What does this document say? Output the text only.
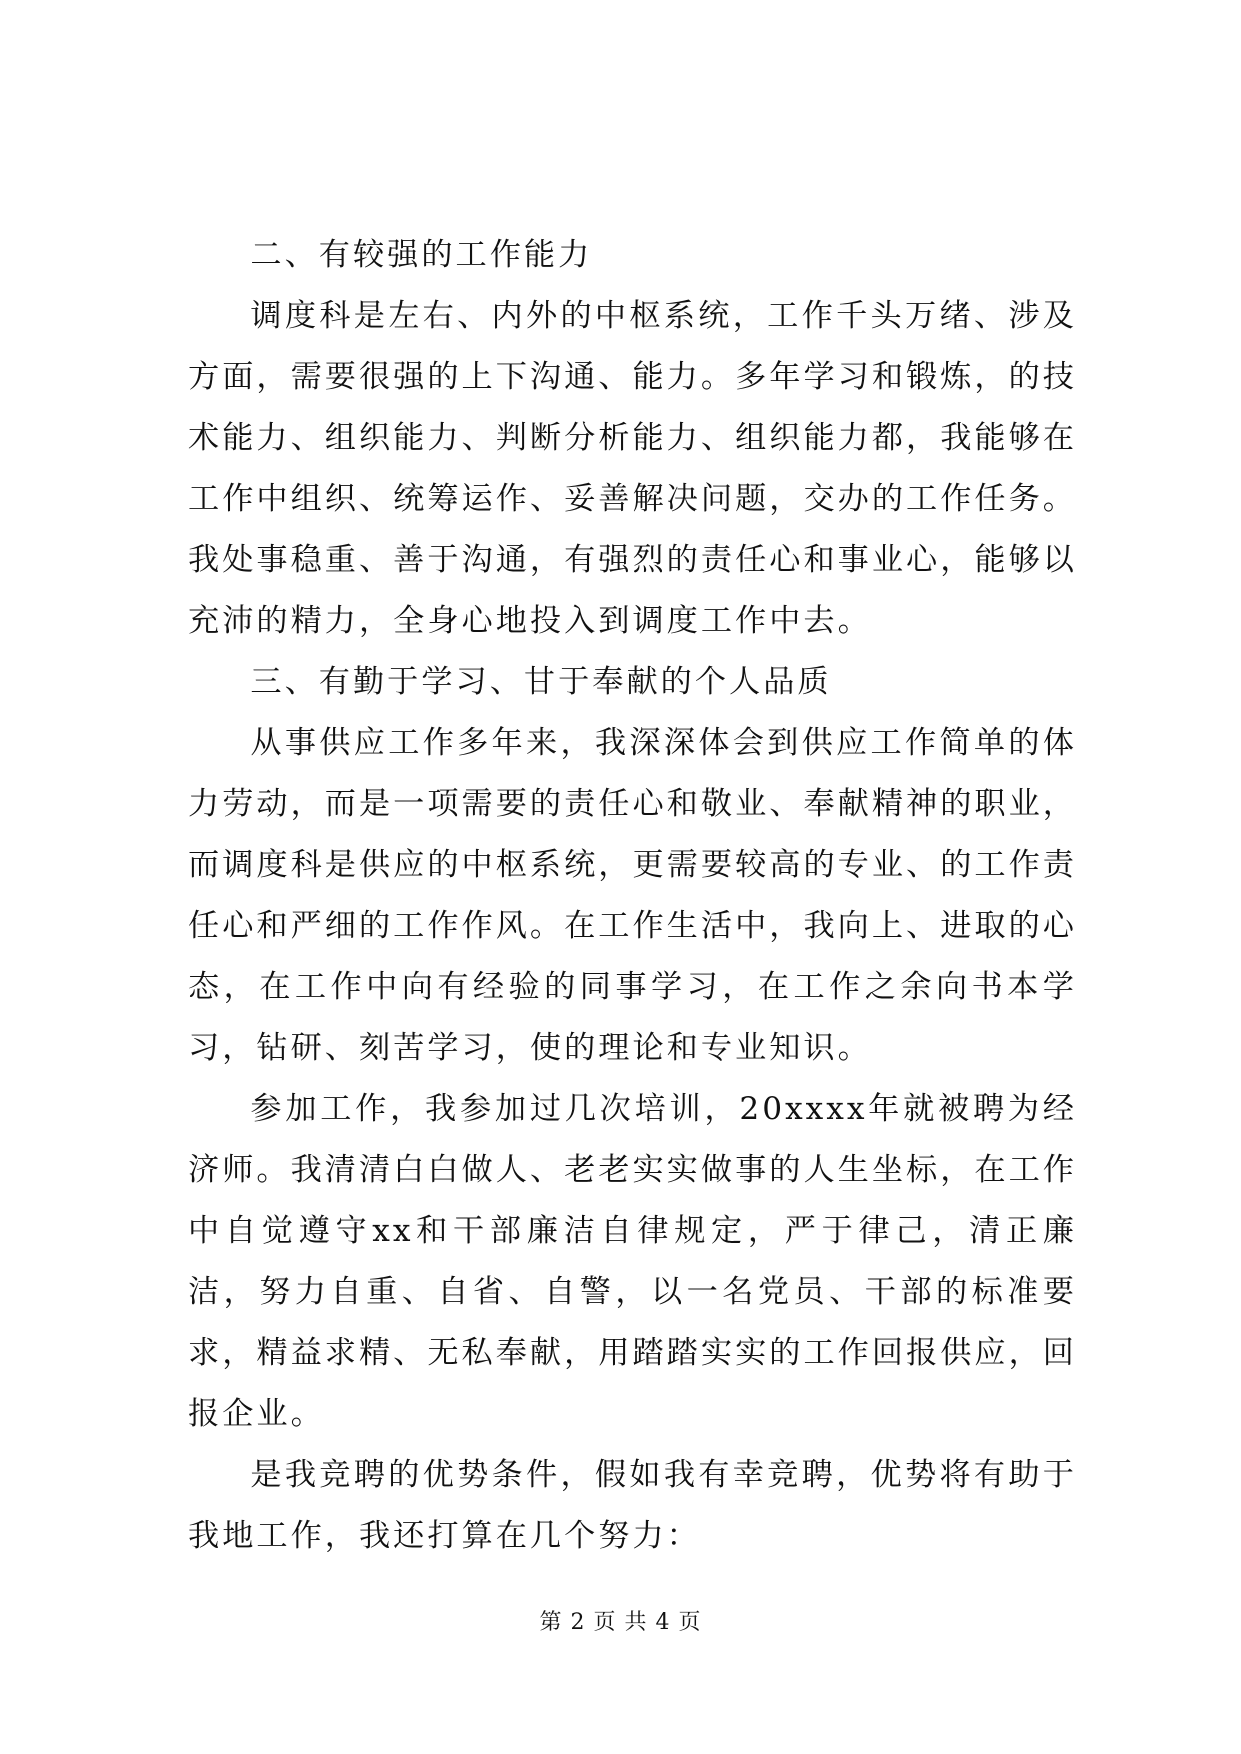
二、有较强的工作能力

调度科是左右、内外的中枢系统，工作千头万绪、涉及方面，需要很强的上下沟通、能力。多年学习和锻炼，的技术能力、组织能力、判断分析能力、组织能力都，我能够在工作中组织、统筹运作、妥善解决问题，交办的工作任务。我处事稳重、善于沟通，有强烈的责任心和事业心，能够以充沛的精力，全身心地投入到调度工作中去。

三、有勤于学习、甘于奉献的个人品质

从事供应工作多年来，我深深体会到供应工作简单的体力劳动，而是一项需要的责任心和敬业、奉献精神的职业，而调度科是供应的中枢系统，更需要较高的专业、的工作责任心和严细的工作作风。在工作生活中，我向上、进取的心态，在工作中向有经验的同事学习，在工作之余向书本学习，钻研、刻苦学习，使的理论和专业知识。

参加工作，我参加过几次培训，20xxxx年就被聘为经济师。我清清白白做人、老老实实做事的人生坐标，在工作中自觉遵守xx和干部廉洁自律规定，严于律己，清正廉洁，努力自重、自省、自警，以一名党员、干部的标准要求，精益求精、无私奉献，用踏踏实实的工作回报供应，回报企业。

是我竞聘的优势条件，假如我有幸竞聘，优势将有助于我地工作，我还打算在几个努力：

第 2 页 共 4 页
